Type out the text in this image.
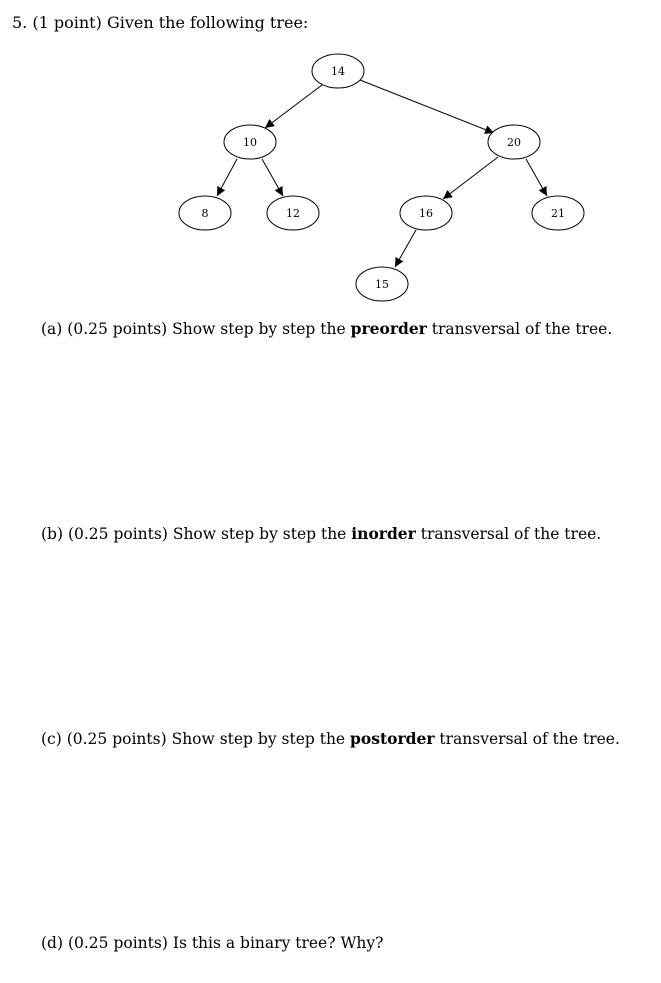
5. (1 point) Given the following tree:
14
10	20
8	12	16	21
15
(a) (0.25 points) Show step by step the preorder transversal of the tree.
(b) (0.25 points) Show step by step the inorder transversal of the tree.
(c) (0.25 points) Show step by step the postorder transversal of the tree.
(d) (0.25 points) Is this a binary tree? Why?
